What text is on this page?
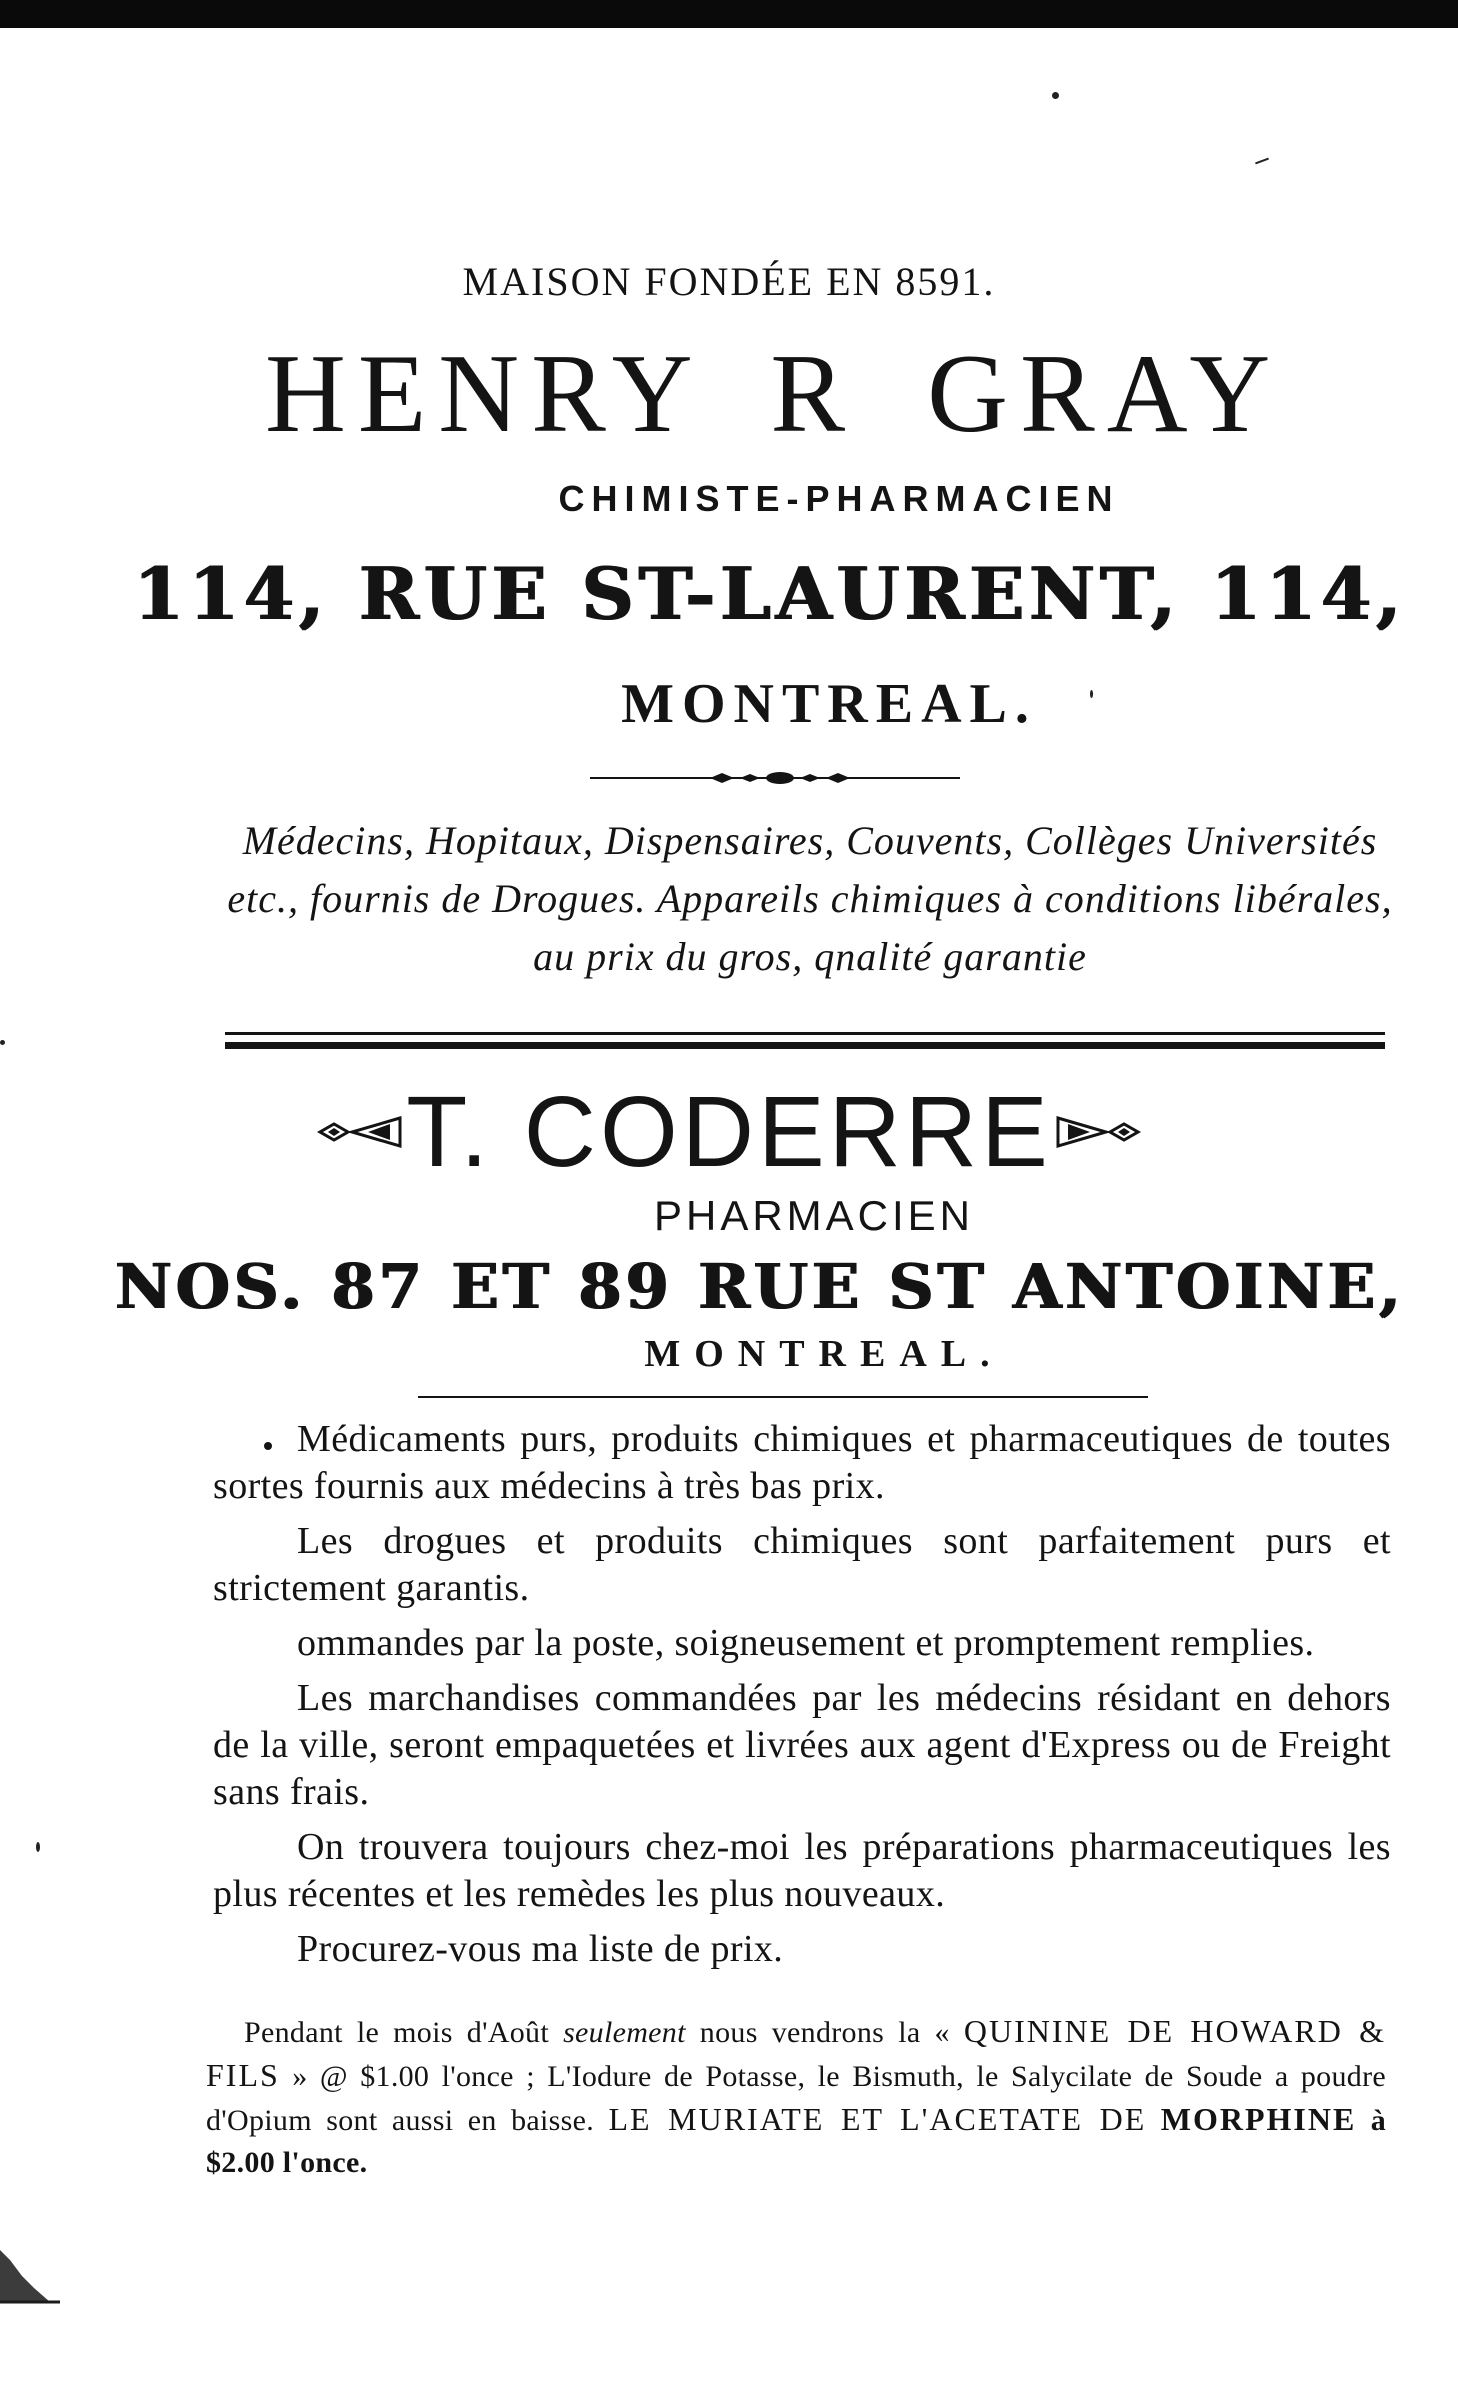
MAISON FONDÉE EN 8591.
HENRY R GRAY
CHIMISTE-PHARMACIEN
114, RUE ST-LAURENT, 114,
MONTREAL.
Médecins, Hopitaux, Dispensaires, Couvents, Collèges Universités etc., fournis de Drogues. Appareils chimiques à conditions libérales, au prix du gros, qnalité garantie
T. CODERRE
PHARMACIEN
NOS. 87 ET 89 RUE ST ANTOINE,
MONTREAL.

Médicaments purs, produits chimiques et pharmaceutiques de toutes sortes fournis aux médecins à très bas prix.

Les drogues et produits chimiques sont parfaitement purs et strictement garantis.

ommandes par la poste, soigneusement et promptement remplies.

Les marchandises commandées par les médecins résidant en dehors de la ville, seront empaquetées et livrées aux agent d'Express ou de Freight sans frais.

On trouvera toujours chez-moi les préparations pharmaceutiques les plus récentes et les remèdes les plus nouveaux.

Procurez-vous ma liste de prix.

Pendant le mois d'Août seulement nous vendrons la « QUININE DE HOWARD & FILS » @ $1.00 l'once ; L'Iodure de Potasse, le Bismuth, le Salycilate de Soude a poudre d'Opium sont aussi en baisse. LE MURIATE ET L'ACETATE DE MORPHINE à $2.00 l'once.
